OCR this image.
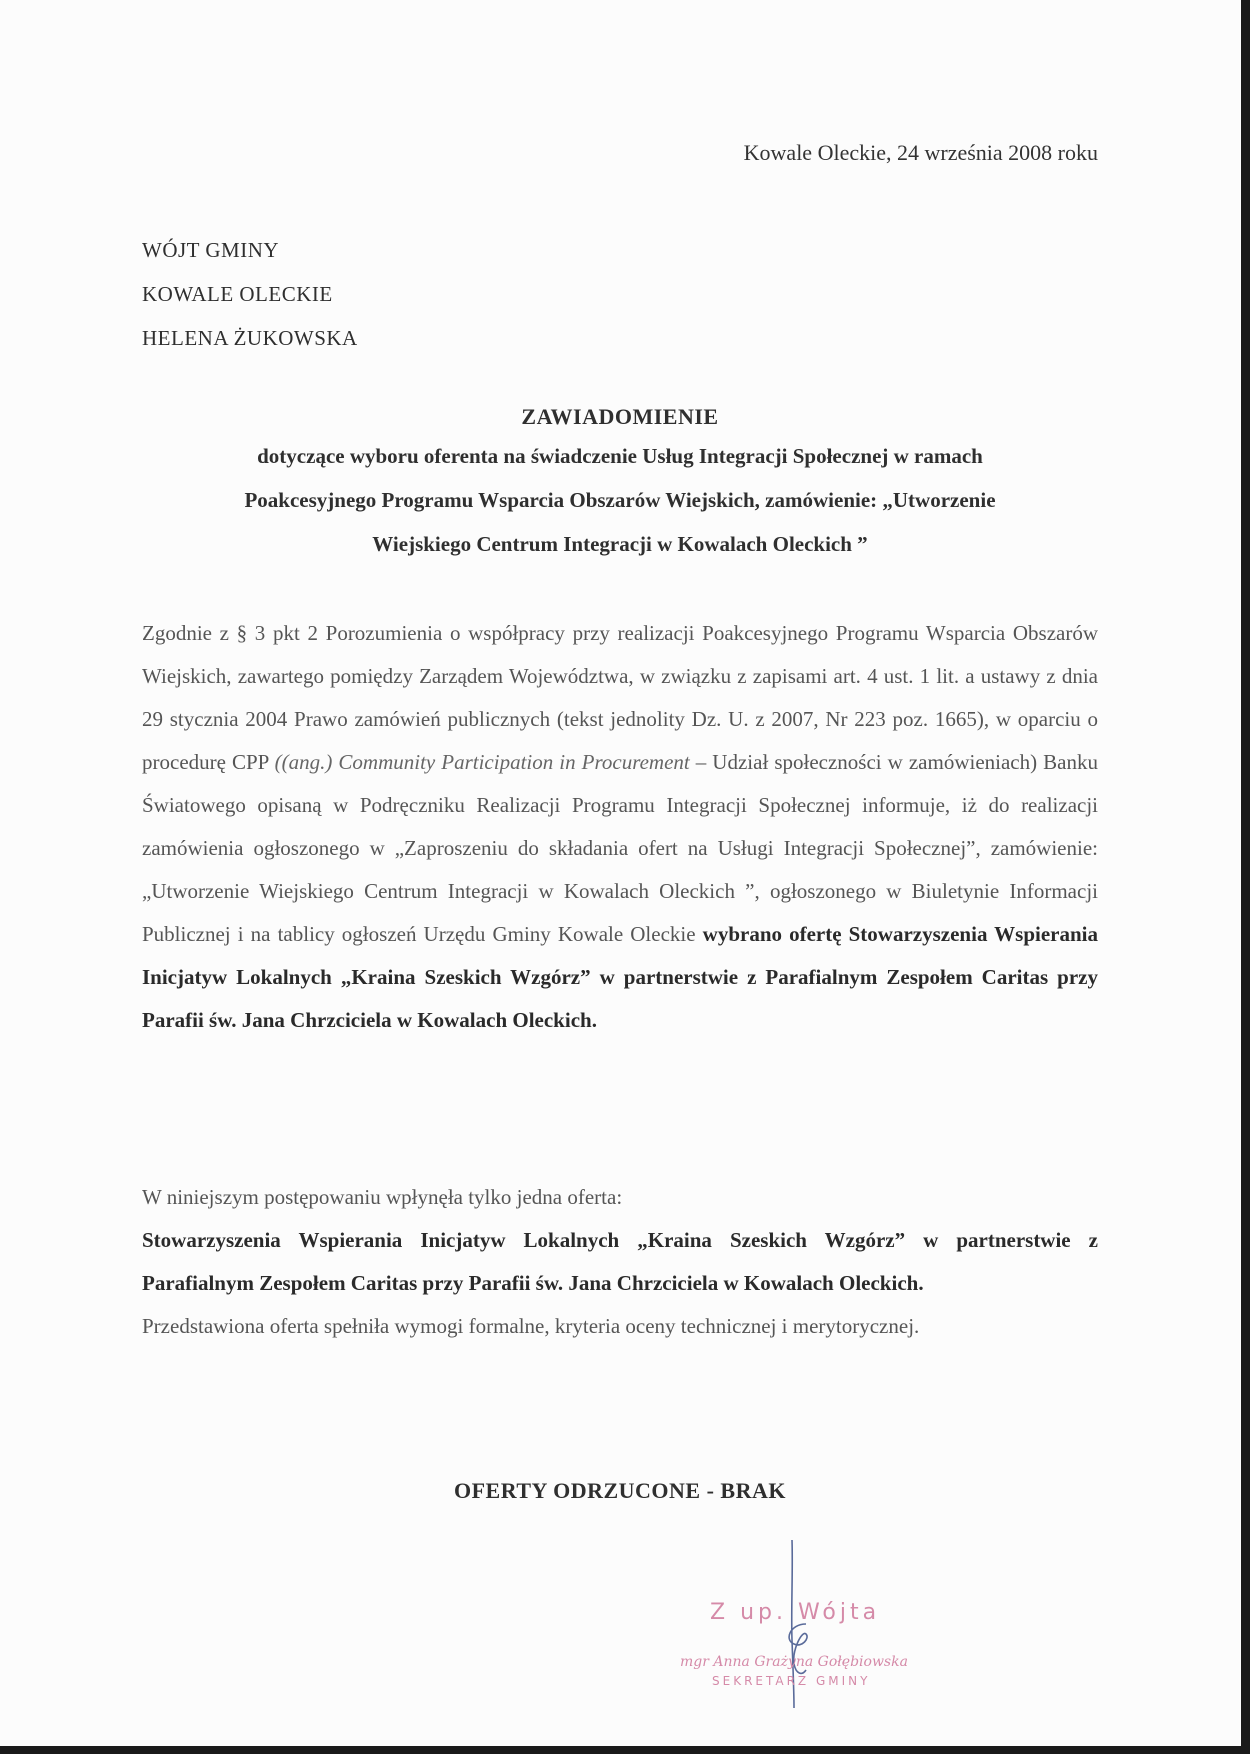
Kowale Oleckie, 24 września 2008 roku
WÓJT GMINY
KOWALE OLECKIE
HELENA ŻUKOWSKA
ZAWIADOMIENIE
dotyczące wyboru oferenta na świadczenie Usług Integracji Społecznej w ramach
Poakcesyjnego Programu Wsparcia Obszarów Wiejskich, zamówienie: „Utworzenie
Wiejskiego Centrum Integracji w Kowalach Oleckich ”

Zgodnie z § 3 pkt 2 Porozumienia o współpracy przy realizacji Poakcesyjnego Programu Wsparcia Obszarów Wiejskich, zawartego pomiędzy Zarządem Województwa, w związku z zapisami art. 4 ust. 1 lit. a ustawy z dnia 29 stycznia 2004 Prawo zamówień publicznych (tekst jednolity Dz. U. z 2007, Nr 223 poz. 1665), w oparciu o procedurę CPP ((ang.) Community Participation in Procurement – Udział społeczności w zamówieniach) Banku Światowego opisaną w Podręczniku Realizacji Programu Integracji Społecznej informuje, iż do realizacji zamówienia ogłoszonego w „Zaproszeniu do składania ofert na Usługi Integracji Społecznej”, zamówienie: „Utworzenie Wiejskiego Centrum Integracji w Kowalach Oleckich ”, ogłoszonego w Biuletynie Informacji Publicznej i na tablicy ogłoszeń Urzędu Gminy Kowale Oleckie wybrano ofertę Stowarzyszenia Wspierania Inicjatyw Lokalnych „Kraina Szeskich Wzgórz” w partnerstwie z Parafialnym Zespołem Caritas przy Parafii św. Jana Chrzciciela w Kowalach Oleckich.

W niniejszym postępowaniu wpłynęła tylko jedna oferta:

Stowarzyszenia Wspierania Inicjatyw Lokalnych „Kraina Szeskich Wzgórz” w partnerstwie z Parafialnym Zespołem Caritas przy Parafii św. Jana Chrzciciela w Kowalach Oleckich.

Przedstawiona oferta spełniła wymogi formalne, kryteria oceny technicznej i merytorycznej.

OFERTY ODRZUCONE - BRAK
Z up. Wójta
mgr Anna Grażyna Gołębiowska
SEKRETARZ GMINY
